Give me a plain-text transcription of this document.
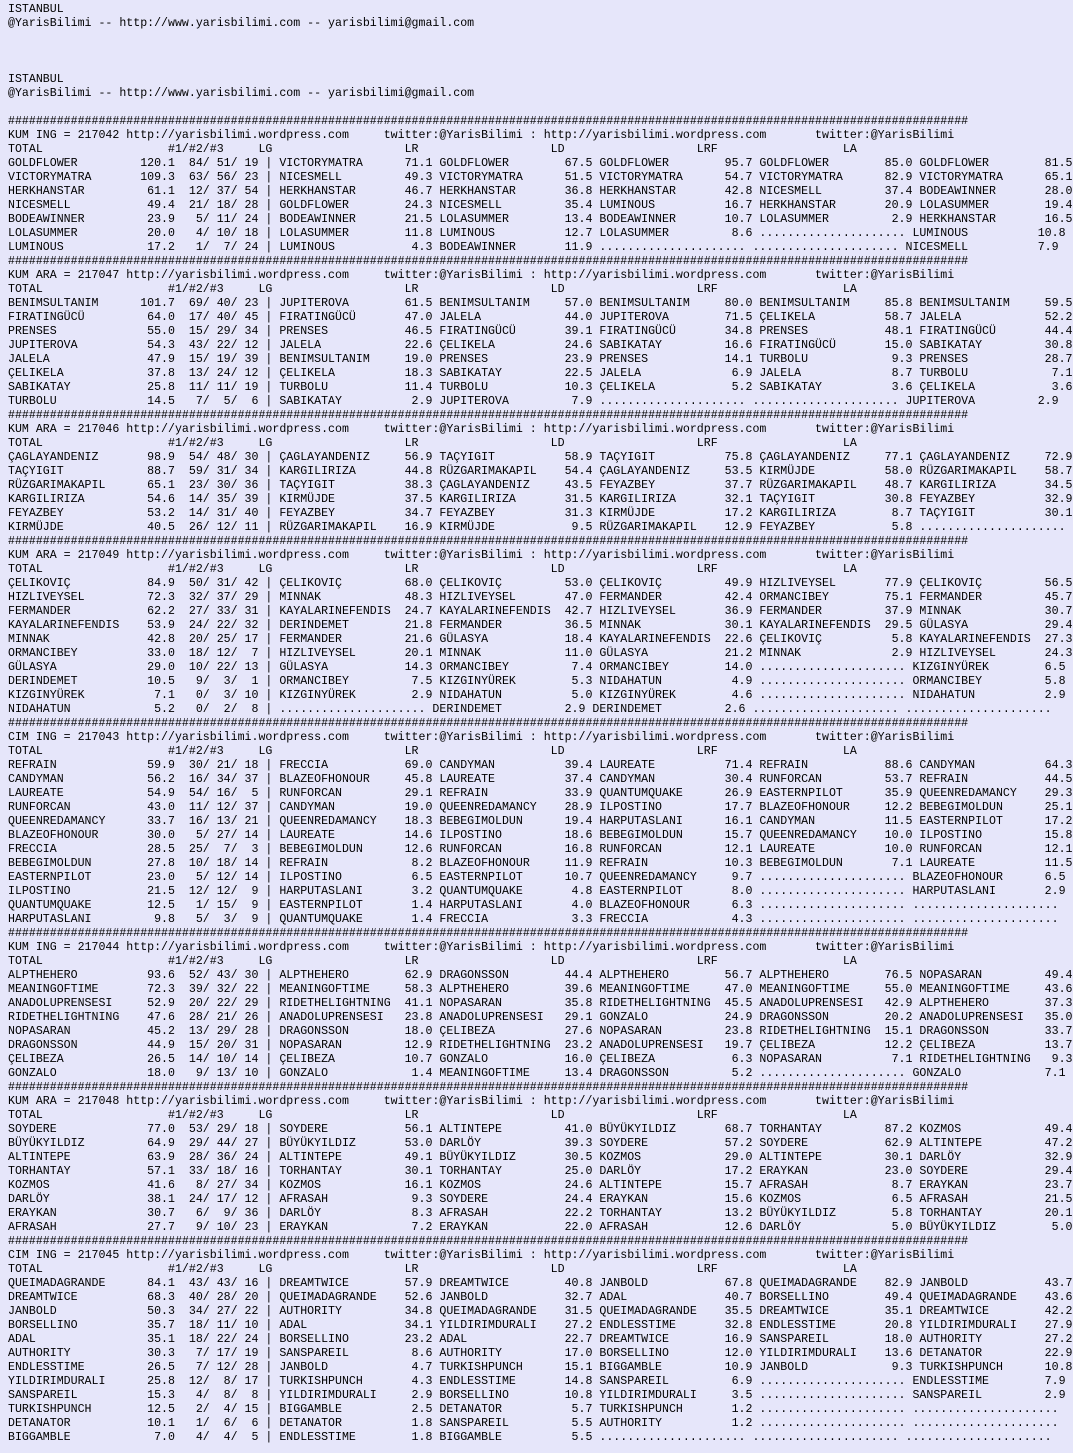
ISTANBUL
@YarisBilimi -- http://www.yarisbilimi.com -- yarisbilimi@gmail.com

ISTANBUL
@YarisBilimi -- http://www.yarisbilimi.com -- yarisbilimi@gmail.com

##########################################################################################################################################
KUM ING = 217042 http://yarisbilimi.wordpress.com     twitter:@YarisBilimi : http://yarisbilimi.wordpress.com       twitter:@YarisBilimi
TOTAL                  #1/#2/#3     LG                   LR                   LD                   LRF                  LA
GOLDFLOWER         120.1  84/ 51/ 19 | VICTORYMATRA      71.1 GOLDFLOWER        67.5 GOLDFLOWER        95.7 GOLDFLOWER        85.0 GOLDFLOWER        81.5
VICTORYMATRA       109.3  63/ 56/ 23 | NICESMELL         49.3 VICTORYMATRA      51.5 VICTORYMATRA      54.7 VICTORYMATRA      82.9 VICTORYMATRA      65.1
HERKHANSTAR         61.1  12/ 37/ 54 | HERKHANSTAR       46.7 HERKHANSTAR       36.8 HERKHANSTAR       42.8 NICESMELL         37.4 BODEAWINNER       28.0
NICESMELL           49.4  21/ 18/ 28 | GOLDFLOWER        24.3 NICESMELL         35.4 LUMINOUS          16.7 HERKHANSTAR       20.9 LOLASUMMER        19.4
BODEAWINNER         23.9   5/ 11/ 24 | BODEAWINNER       21.5 LOLASUMMER        13.4 BODEAWINNER       10.7 LOLASUMMER         2.9 HERKHANSTAR       16.5
LOLASUMMER          20.0   4/ 10/ 18 | LOLASUMMER        11.8 LUMINOUS          12.7 LOLASUMMER         8.6 ..................... LUMINOUS          10.8
LUMINOUS            17.2   1/  7/ 24 | LUMINOUS           4.3 BODEAWINNER       11.9 ..................... ..................... NICESMELL          7.9
##########################################################################################################################################
KUM ARA = 217047 http://yarisbilimi.wordpress.com     twitter:@YarisBilimi : http://yarisbilimi.wordpress.com       twitter:@YarisBilimi
TOTAL                  #1/#2/#3     LG                   LR                   LD                   LRF                  LA
BENIMSULTANIM      101.7  69/ 40/ 23 | JUPITEROVA        61.5 BENIMSULTANIM     57.0 BENIMSULTANIM     80.0 BENIMSULTANIM     85.8 BENIMSULTANIM     59.5
FIRATINGÜCÜ         64.0  17/ 40/ 45 | FIRATINGÜCÜ       47.0 JALELA            44.0 JUPITEROVA        71.5 ÇELIKELA          58.7 JALELA            52.2
PRENSES             55.0  15/ 29/ 34 | PRENSES           46.5 FIRATINGÜCÜ       39.1 FIRATINGÜCÜ       34.8 PRENSES           48.1 FIRATINGÜCÜ       44.4
JUPITEROVA          54.3  43/ 22/ 12 | JALELA            22.6 ÇELIKELA          24.6 SABIKATAY         16.6 FIRATINGÜCÜ       15.0 SABIKATAY         30.8
JALELA              47.9  15/ 19/ 39 | BENIMSULTANIM     19.0 PRENSES           23.9 PRENSES           14.1 TURBOLU            9.3 PRENSES           28.7
ÇELIKELA            37.8  13/ 24/ 12 | ÇELIKELA          18.3 SABIKATAY         22.5 JALELA             6.9 JALELA             8.7 TURBOLU            7.1
SABIKATAY           25.8  11/ 11/ 19 | TURBOLU           11.4 TURBOLU           10.3 ÇELIKELA           5.2 SABIKATAY          3.6 ÇELIKELA           3.6
TURBOLU             14.5   7/  5/  6 | SABIKATAY          2.9 JUPITEROVA         7.9 ..................... ..................... JUPITEROVA         2.9
##########################################################################################################################################
KUM ARA = 217046 http://yarisbilimi.wordpress.com     twitter:@YarisBilimi : http://yarisbilimi.wordpress.com       twitter:@YarisBilimi
TOTAL                  #1/#2/#3     LG                   LR                   LD                   LRF                  LA
ÇAGLAYANDENIZ       98.9  54/ 48/ 30 | ÇAGLAYANDENIZ     56.9 TAÇYIGIT          58.9 TAÇYIGIT          75.8 ÇAGLAYANDENIZ     77.1 ÇAGLAYANDENIZ     72.9
TAÇYIGIT            88.7  59/ 31/ 34 | KARGILIRIZA       44.8 RÜZGARIMAKAPIL    54.4 ÇAGLAYANDENIZ     53.5 KIRMÜJDE          58.0 RÜZGARIMAKAPIL    58.7
RÜZGARIMAKAPIL      65.1  23/ 30/ 36 | TAÇYIGIT          38.3 ÇAGLAYANDENIZ     43.5 FEYAZBEY          37.7 RÜZGARIMAKAPIL    48.7 KARGILIRIZA       34.5
KARGILIRIZA         54.6  14/ 35/ 39 | KIRMÜJDE          37.5 KARGILIRIZA       31.5 KARGILIRIZA       32.1 TAÇYIGIT          30.8 FEYAZBEY          32.9
FEYAZBEY            53.2  14/ 31/ 40 | FEYAZBEY          34.7 FEYAZBEY          31.3 KIRMÜJDE          17.2 KARGILIRIZA        8.7 TAÇYIGIT          30.1
KIRMÜJDE            40.5  26/ 12/ 11 | RÜZGARIMAKAPIL    16.9 KIRMÜJDE           9.5 RÜZGARIMAKAPIL    12.9 FEYAZBEY           5.8 .....................
##########################################################################################################################################
KUM ARA = 217049 http://yarisbilimi.wordpress.com     twitter:@YarisBilimi : http://yarisbilimi.wordpress.com       twitter:@YarisBilimi
TOTAL                  #1/#2/#3     LG                   LR                   LD                   LRF                  LA
ÇELIKOVIÇ           84.9  50/ 31/ 42 | ÇELIKOVIÇ         68.0 ÇELIKOVIÇ         53.0 ÇELIKOVIÇ         49.9 HIZLIVEYSEL       77.9 ÇELIKOVIÇ         56.5
HIZLIVEYSEL         72.3  32/ 37/ 29 | MINNAK            48.3 HIZLIVEYSEL       47.0 FERMANDER         42.4 ORMANCIBEY        75.1 FERMANDER         45.7
FERMANDER           62.2  27/ 33/ 31 | KAYALARINEFENDIS  24.7 KAYALARINEFENDIS  42.7 HIZLIVEYSEL       36.9 FERMANDER         37.9 MINNAK            30.7
KAYALARINEFENDIS    53.9  24/ 22/ 32 | DERINDEMET        21.8 FERMANDER         36.5 MINNAK            30.1 KAYALARINEFENDIS  29.5 GÜLASYA           29.4
MINNAK              42.8  20/ 25/ 17 | FERMANDER         21.6 GÜLASYA           18.4 KAYALARINEFENDIS  22.6 ÇELIKOVIÇ          5.8 KAYALARINEFENDIS  27.3
ORMANCIBEY          33.0  18/ 12/  7 | HIZLIVEYSEL       20.1 MINNAK            11.0 GÜLASYA           21.2 MINNAK             2.9 HIZLIVEYSEL       24.3
GÜLASYA             29.0  10/ 22/ 13 | GÜLASYA           14.3 ORMANCIBEY         7.4 ORMANCIBEY        14.0 ..................... KIZGINYÜREK        6.5
DERINDEMET          10.5   9/  3/  1 | ORMANCIBEY         7.5 KIZGINYÜREK        5.3 NIDAHATUN          4.9 ..................... ORMANCIBEY         5.8
KIZGINYÜREK          7.1   0/  3/ 10 | KIZGINYÜREK        2.9 NIDAHATUN          5.0 KIZGINYÜREK        4.6 ..................... NIDAHATUN          2.9
NIDAHATUN            5.2   0/  2/  8 | ..................... DERINDEMET         2.9 DERINDEMET         2.6 ..................... .....................
##########################################################################################################################################
CIM ING = 217043 http://yarisbilimi.wordpress.com     twitter:@YarisBilimi : http://yarisbilimi.wordpress.com       twitter:@YarisBilimi
TOTAL                  #1/#2/#3     LG                   LR                   LD                   LRF                  LA
REFRAIN             59.9  30/ 21/ 18 | FRECCIA           69.0 CANDYMAN          39.4 LAUREATE          71.4 REFRAIN           88.6 CANDYMAN          64.3
CANDYMAN            56.2  16/ 34/ 37 | BLAZEOFHONOUR     45.8 LAUREATE          37.4 CANDYMAN          30.4 RUNFORCAN         53.7 REFRAIN           44.5
LAUREATE            54.9  54/ 16/  5 | RUNFORCAN         29.1 REFRAIN           33.9 QUANTUMQUAKE      26.9 EASTERNPILOT      35.9 QUEENREDAMANCY    29.3
RUNFORCAN           43.0  11/ 12/ 37 | CANDYMAN          19.0 QUEENREDAMANCY    28.9 ILPOSTINO         17.7 BLAZEOFHONOUR     12.2 BEBEGIMOLDUN      25.1
QUEENREDAMANCY      33.7  16/ 13/ 21 | QUEENREDAMANCY    18.3 BEBEGIMOLDUN      19.4 HARPUTASLANI      16.1 CANDYMAN          11.5 EASTERNPILOT      17.2
BLAZEOFHONOUR       30.0   5/ 27/ 14 | LAUREATE          14.6 ILPOSTINO         18.6 BEBEGIMOLDUN      15.7 QUEENREDAMANCY    10.0 ILPOSTINO         15.8
FRECCIA             28.5  25/  7/  3 | BEBEGIMOLDUN      12.6 RUNFORCAN         16.8 RUNFORCAN         12.1 LAUREATE          10.0 RUNFORCAN         12.1
BEBEGIMOLDUN        27.8  10/ 18/ 14 | REFRAIN            8.2 BLAZEOFHONOUR     11.9 REFRAIN           10.3 BEBEGIMOLDUN       7.1 LAUREATE          11.5
EASTERNPILOT        23.0   5/ 12/ 14 | ILPOSTINO          6.5 EASTERNPILOT      10.7 QUEENREDAMANCY     9.7 ..................... BLAZEOFHONOUR      6.5
ILPOSTINO           21.5  12/ 12/  9 | HARPUTASLANI       3.2 QUANTUMQUAKE       4.8 EASTERNPILOT       8.0 ..................... HARPUTASLANI       2.9
QUANTUMQUAKE        12.5   1/ 15/  9 | EASTERNPILOT       1.4 HARPUTASLANI       4.0 BLAZEOFHONOUR      6.3 ..................... .....................
HARPUTASLANI         9.8   5/  3/  9 | QUANTUMQUAKE       1.4 FRECCIA            3.3 FRECCIA            4.3 ..................... .....................
##########################################################################################################################################
KUM ING = 217044 http://yarisbilimi.wordpress.com     twitter:@YarisBilimi : http://yarisbilimi.wordpress.com       twitter:@YarisBilimi
TOTAL                  #1/#2/#3     LG                   LR                   LD                   LRF                  LA
ALPTHEHERO          93.6  52/ 43/ 30 | ALPTHEHERO        62.9 DRAGONSSON        44.4 ALPTHEHERO        56.7 ALPTHEHERO        76.5 NOPASARAN         49.4
MEANINGOFTIME       72.3  39/ 32/ 22 | MEANINGOFTIME     58.3 ALPTHEHERO        39.6 MEANINGOFTIME     47.0 MEANINGOFTIME     55.0 MEANINGOFTIME     43.6
ANADOLUPRENSESI     52.9  20/ 22/ 29 | RIDETHELIGHTNING  41.1 NOPASARAN         35.8 RIDETHELIGHTNING  45.5 ANADOLUPRENSESI   42.9 ALPTHEHERO        37.3
RIDETHELIGHTNING    47.6  28/ 21/ 26 | ANADOLUPRENSESI   23.8 ANADOLUPRENSESI   29.1 GONZALO           24.9 DRAGONSSON        20.2 ANADOLUPRENSESI   35.0
NOPASARAN           45.2  13/ 29/ 28 | DRAGONSSON        18.0 ÇELIBEZA          27.6 NOPASARAN         23.8 RIDETHELIGHTNING  15.1 DRAGONSSON        33.7
DRAGONSSON          44.9  15/ 20/ 31 | NOPASARAN         12.9 RIDETHELIGHTNING  23.2 ANADOLUPRENSESI   19.7 ÇELIBEZA          12.2 ÇELIBEZA          13.7
ÇELIBEZA            26.5  14/ 10/ 14 | ÇELIBEZA          10.7 GONZALO           16.0 ÇELIBEZA           6.3 NOPASARAN          7.1 RIDETHELIGHTNING   9.3
GONZALO             18.0   9/ 13/ 10 | GONZALO            1.4 MEANINGOFTIME     13.4 DRAGONSSON         5.2 ..................... GONZALO            7.1
##########################################################################################################################################
KUM ARA = 217048 http://yarisbilimi.wordpress.com     twitter:@YarisBilimi : http://yarisbilimi.wordpress.com       twitter:@YarisBilimi
TOTAL                  #1/#2/#3     LG                   LR                   LD                   LRF                  LA
SOYDERE             77.0  53/ 29/ 18 | SOYDERE           56.1 ALTINTEPE         41.0 BÜYÜKYILDIZ       68.7 TORHANTAY         87.2 KOZMOS            49.4
BÜYÜKYILDIZ         64.9  29/ 44/ 27 | BÜYÜKYILDIZ       53.0 DARLÖY            39.3 SOYDERE           57.2 SOYDERE           62.9 ALTINTEPE         47.2
ALTINTEPE           63.9  28/ 36/ 24 | ALTINTEPE         49.1 BÜYÜKYILDIZ       30.5 KOZMOS            29.0 ALTINTEPE         30.1 DARLÖY            32.9
TORHANTAY           57.1  33/ 18/ 16 | TORHANTAY         30.1 TORHANTAY         25.0 DARLÖY            17.2 ERAYKAN           23.0 SOYDERE           29.4
KOZMOS              41.6   8/ 27/ 34 | KOZMOS            16.1 KOZMOS            24.6 ALTINTEPE         15.7 AFRASAH            8.7 ERAYKAN           23.7
DARLÖY              38.1  24/ 17/ 12 | AFRASAH            9.3 SOYDERE           24.4 ERAYKAN           15.6 KOZMOS             6.5 AFRASAH           21.5
ERAYKAN             30.7   6/  9/ 36 | DARLÖY             8.3 AFRASAH           22.2 TORHANTAY         13.2 BÜYÜKYILDIZ        5.8 TORHANTAY         20.1
AFRASAH             27.7   9/ 10/ 23 | ERAYKAN            7.2 ERAYKAN           22.0 AFRASAH           12.6 DARLÖY             5.0 BÜYÜKYILDIZ        5.0
##########################################################################################################################################
CIM ING = 217045 http://yarisbilimi.wordpress.com     twitter:@YarisBilimi : http://yarisbilimi.wordpress.com       twitter:@YarisBilimi
TOTAL                  #1/#2/#3     LG                   LR                   LD                   LRF                  LA
QUEIMADAGRANDE      84.1  43/ 43/ 16 | DREAMTWICE        57.9 DREAMTWICE        40.8 JANBOLD           67.8 QUEIMADAGRANDE    82.9 JANBOLD           43.7
DREAMTWICE          68.3  40/ 28/ 20 | QUEIMADAGRANDE    52.6 JANBOLD           32.7 ADAL              40.7 BORSELLINO        49.4 QUEIMADAGRANDE    43.6
JANBOLD             50.3  34/ 27/ 22 | AUTHORITY         34.8 QUEIMADAGRANDE    31.5 QUEIMADAGRANDE    35.5 DREAMTWICE        35.1 DREAMTWICE        42.2
BORSELLINO          35.7  18/ 11/ 10 | ADAL              34.1 YILDIRIMDURALI    27.2 ENDLESSTIME       32.8 ENDLESSTIME       20.8 YILDIRIMDURALI    27.9
ADAL                35.1  18/ 22/ 24 | BORSELLINO        23.2 ADAL              22.7 DREAMTWICE        16.9 SANSPAREIL        18.0 AUTHORITY         27.2
AUTHORITY           30.3   7/ 17/ 19 | SANSPAREIL         8.6 AUTHORITY         17.0 BORSELLINO        12.0 YILDIRIMDURALI    13.6 DETANATOR         22.9
ENDLESSTIME         26.5   7/ 12/ 28 | JANBOLD            4.7 TURKISHPUNCH      15.1 BIGGAMBLE         10.9 JANBOLD            9.3 TURKISHPUNCH      10.8
YILDIRIMDURALI      25.8  12/  8/ 17 | TURKISHPUNCH       4.3 ENDLESSTIME       14.8 SANSPAREIL         6.9 ..................... ENDLESSTIME        7.9
SANSPAREIL          15.3   4/  8/  8 | YILDIRIMDURALI     2.9 BORSELLINO        10.8 YILDIRIMDURALI     3.5 ..................... SANSPAREIL         2.9
TURKISHPUNCH        12.5   2/  4/ 15 | BIGGAMBLE          2.5 DETANATOR          5.7 TURKISHPUNCH       1.2 ..................... .....................
DETANATOR           10.1   1/  6/  6 | DETANATOR          1.8 SANSPAREIL         5.5 AUTHORITY          1.2 ..................... .....................
BIGGAMBLE            7.0   4/  4/  5 | ENDLESSTIME        1.8 BIGGAMBLE          5.5 ..................... ..................... .....................
